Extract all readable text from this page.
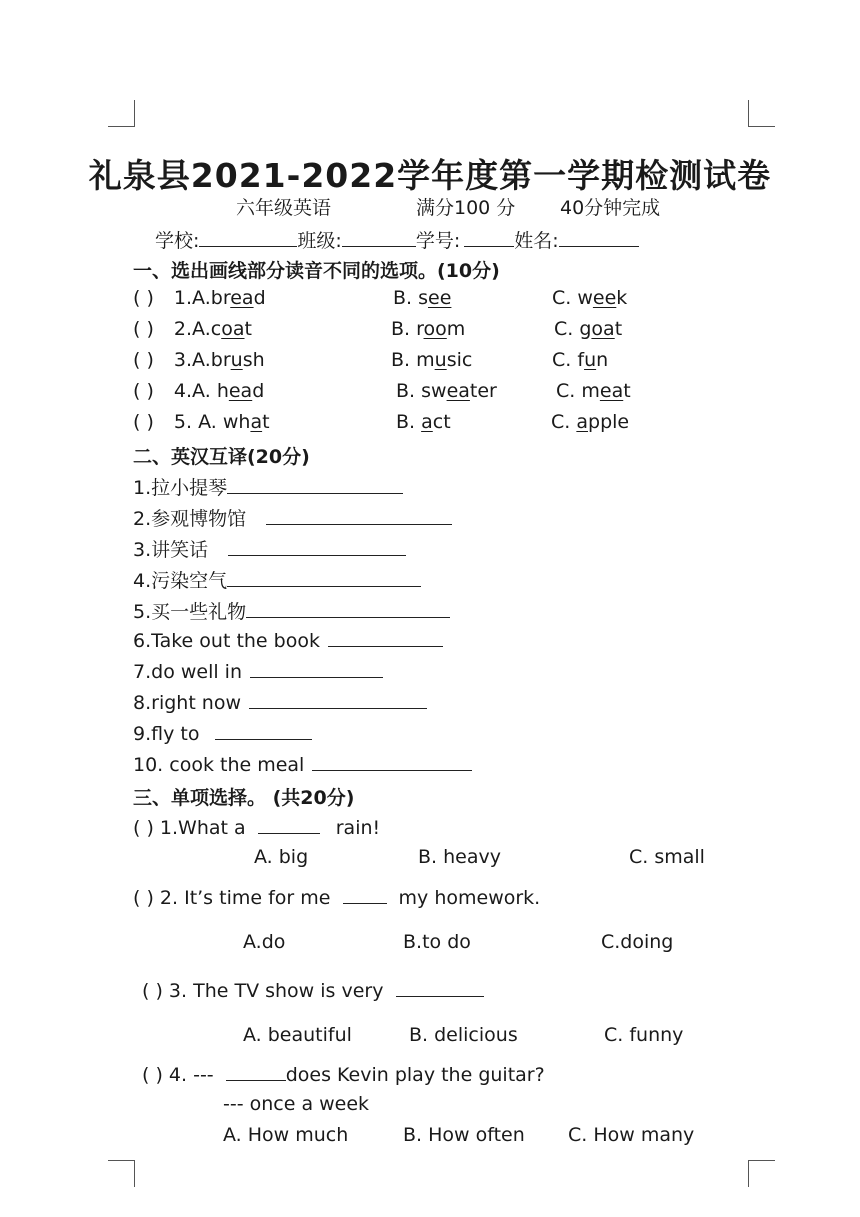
礼泉县2021-2022学年度第一学期检测试卷
六年级英语	满分100 分 40分钟完成
学校:	班级:	学号:	姓名:
一、选出画线部分读音不同的选项。(10分)
( ) 1.A.bread	B. see	C. week
( ) 2.A.coat	B. room	C. goat
( ) 3.A.brush	B. music	C. fun
( ) 4.A. head	B. sweater	C. meat
( ) 5. A. what	B. act	C. apple
二、英汉互译(20分)
1.拉小提琴
2.参观博物馆
3.讲笑话
4.污染空气
5.买一些礼物
6.Take out the book
7.do well in
8.right now
9.fly to
10. cook the meal
三、单项选择。 (共20分)
( ) 1.What a	rain!
A. big	B. heavy	C. small
( ) 2. It’s time for me	my homework.
A.do	B.to do	C.doing
( ) 3. The TV show is very
A. beautiful	B. delicious	C. funny
( ) 4. ---	does Kevin play the guitar?
--- once a week
A. How much	B. How often C. How many
